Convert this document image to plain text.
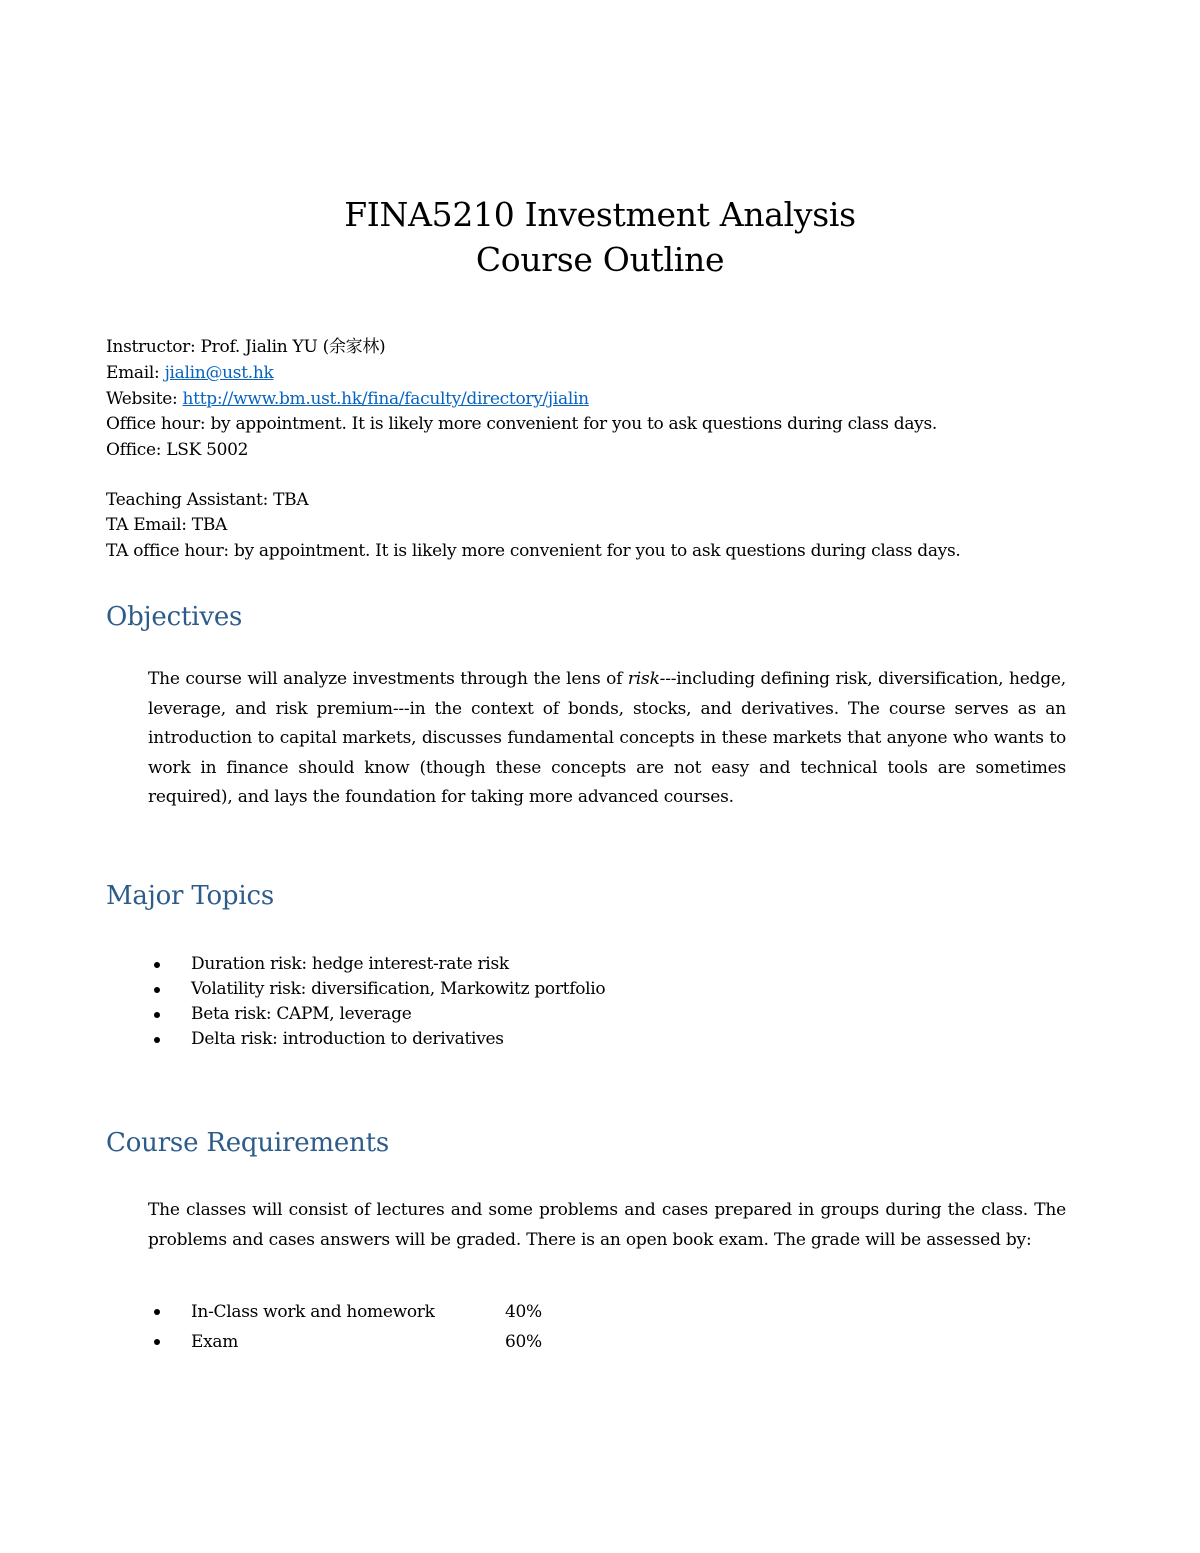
FINA5210 Investment Analysis
Course Outline
Instructor: Prof. Jialin YU (余家林)
Email: jialin@ust.hk
Website: http://www.bm.ust.hk/fina/faculty/directory/jialin
Office hour: by appointment. It is likely more convenient for you to ask questions during class days.
Office: LSK 5002
Teaching Assistant: TBA
TA Email: TBA
TA office hour: by appointment. It is likely more convenient for you to ask questions during class days.
Objectives
The course will analyze investments through the lens of risk---including defining risk, diversification, hedge, leverage, and risk premium---in the context of bonds, stocks, and derivatives. The course serves as an introduction to capital markets, discusses fundamental concepts in these markets that anyone who wants to work in finance should know (though these concepts are not easy and technical tools are sometimes required), and lays the foundation for taking more advanced courses.
Major Topics
Duration risk: hedge interest-rate risk
Volatility risk: diversification, Markowitz portfolio
Beta risk: CAPM, leverage
Delta risk: introduction to derivatives
Course Requirements
The classes will consist of lectures and some problems and cases prepared in groups during the class. The problems and cases answers will be graded. There is an open book exam. The grade will be assessed by:
In-Class work and homework	40%
Exam	60%
